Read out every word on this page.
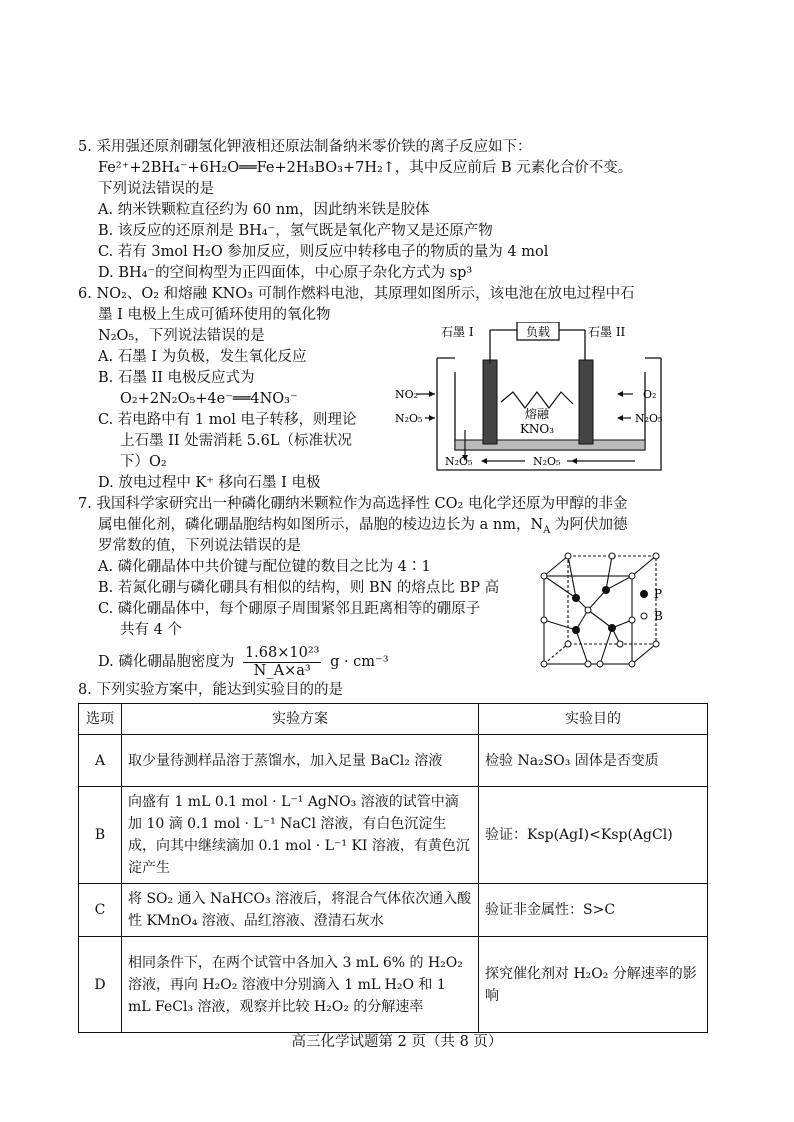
5. 采用强还原剂硼氢化钾液相还原法制备纳米零价铁的离子反应如下：
Fe²⁺+2BH₄⁻+6H₂O══Fe+2H₃BO₃+7H₂↑，其中反应前后 B 元素化合价不变。
下列说法错误的是
A. 纳米铁颗粒直径约为 60 nm，因此纳米铁是胶体
B. 该反应的还原剂是 BH₄⁻，氢气既是氧化产物又是还原产物
C. 若有 3mol H₂O 参加反应，则反应中转移电子的物质的量为 4 mol
D. BH₄⁻的空间构型为正四面体，中心原子杂化方式为 sp³
6. NO₂、O₂ 和熔融 KNO₃ 可制作燃料电池，其原理如图所示，该电池在放电过程中石
墨 I 电极上生成可循环使用的氧化物
N₂O₅，下列说法错误的是
A. 石墨 I 为负极，发生氧化反应
B. 石墨 II 电极反应式为
O₂+2N₂O₅+4e⁻══4NO₃⁻
C. 若电路中有 1 mol 电子转移，则理论
上石墨 II 处需消耗 5.6L（标准状况
下）O₂
D. 放电过程中 K⁺ 移向石墨 I 电极
负载
石墨 I	石墨 II
熔融
KNO₃
NO₂
N₂O₅
O₂
N₂O₅
N₂O₅	N₂O₅
7. 我国科学家研究出一种磷化硼纳米颗粒作为高选择性 CO₂ 电化学还原为甲醇的非金
属电催化剂，磷化硼晶胞结构如图所示，晶胞的棱边边长为 a nm，$N_A$ 为阿伏加德
罗常数的值，下列说法错误的是
A. 磷化硼晶体中共价键与配位键的数目之比为 4∶1
B. 若氮化硼与磷化硼具有相似的结构，则 BN 的熔点比 BP 高
C. 磷化硼晶体中，每个硼原子周围紧邻且距离相等的硼原子
共有 4 个
D. 磷化硼晶胞密度为 $\frac{\text{1.68×10²³}}{\text{N\_A×a³}}$ g · cm⁻³
P
B
8. 下列实验方案中，能达到实验目的的是
选项	实验方案	实验目的
A	取少量待测样品溶于蒸馏水，加入足量 BaCl₂ 溶液	检验 Na₂SO₃ 固体是否变质
B	向盛有 1 mL 0.1 mol · L⁻¹ AgNO₃ 溶液的试管中滴加 10 滴 0.1 mol · L⁻¹ NaCl 溶液，有白色沉淀生成，向其中继续滴加 0.1 mol · L⁻¹ KI 溶液，有黄色沉淀产生	验证：Ksp(AgI)<Ksp(AgCl)
C	将 SO₂ 通入 NaHCO₃ 溶液后，将混合气体依次通入酸性 KMnO₄ 溶液、品红溶液、澄清石灰水	验证非金属性：S>C
D	相同条件下，在两个试管中各加入 3 mL 6% 的 H₂O₂ 溶液，再向 H₂O₂ 溶液中分别滴入 1 mL H₂O 和 1 mL FeCl₃ 溶液，观察并比较 H₂O₂ 的分解速率	探究催化剂对 H₂O₂ 分解速率的影响
高三化学试题第 2 页（共 8 页）
